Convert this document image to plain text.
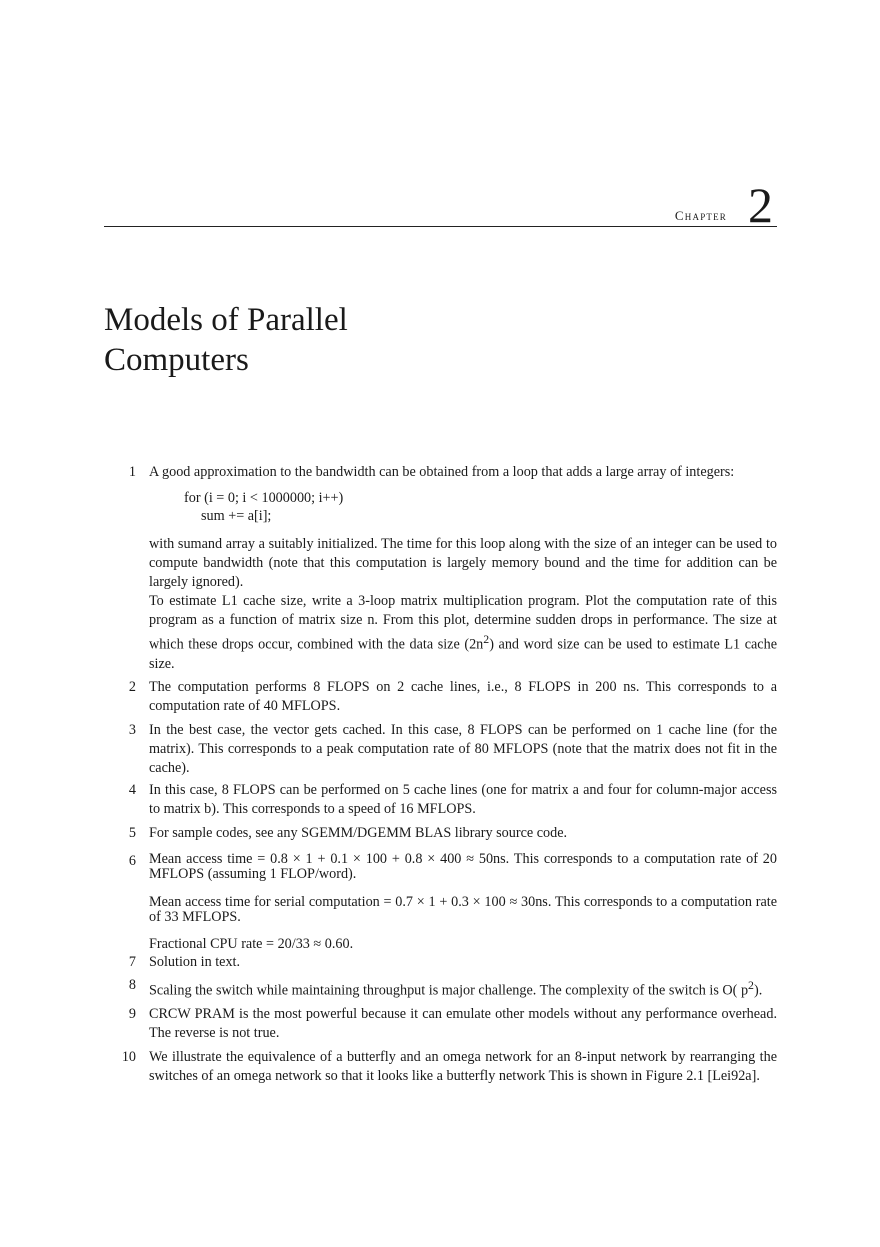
Chapter 2
Models of Parallel
Computers
1 A good approximation to the bandwidth can be obtained from a loop that adds a large array of integers:

for (i = 0; i < 1000000; i++)
sum += a[i];

with sumand array a suitably initialized. The time for this loop along with the size of an integer can be used to compute bandwidth (note that this computation is largely memory bound and the time for addition can be largely ignored).

To estimate L1 cache size, write a 3-loop matrix multiplication program. Plot the computation rate of this program as a function of matrix size n. From this plot, determine sudden drops in performance. The size at which these drops occur, combined with the data size $(2n^2)$ and word size can be used to estimate L1 cache size.

2 The computation performs 8 FLOPS on 2 cache lines, i.e., 8 FLOPS in 200 ns. This corresponds to a computation rate of 40 MFLOPS.

3 In the best case, the vector gets cached. In this case, 8 FLOPS can be performed on 1 cache line (for the matrix). This corresponds to a peak computation rate of 80 MFLOPS (note that the matrix does not fit in the cache).

4 In this case, 8 FLOPS can be performed on 5 cache lines (one for matrix a and four for column-major access to matrix b). This corresponds to a speed of 16 MFLOPS.

5 For sample codes, see any SGEMM/DGEMM BLAS library source code.

6 Mean access time = 0.8 × 1 + 0.1 × 100 + 0.8 × 400 ≈ 50ns. This corresponds to a computation rate of 20 MFLOPS (assuming 1 FLOP/word).

Mean access time for serial computation = 0.7 × 1 + 0.3 × 100 ≈ 30ns. This corresponds to a computation rate of 33 MFLOPS.

Fractional CPU rate = 20/33 ≈ 0.60.

7 Solution in text.

8 Scaling the switch while maintaining throughput is major challenge. The complexity of the switch is O( $p^2$).

9 CRCW PRAM is the most powerful because it can emulate other models without any performance overhead. The reverse is not true.

10 We illustrate the equivalence of a butterfly and an omega network for an 8-input network by rearranging the switches of an omega network so that it looks like a butterfly network This is shown in Figure 2.1 [Lei92a].
